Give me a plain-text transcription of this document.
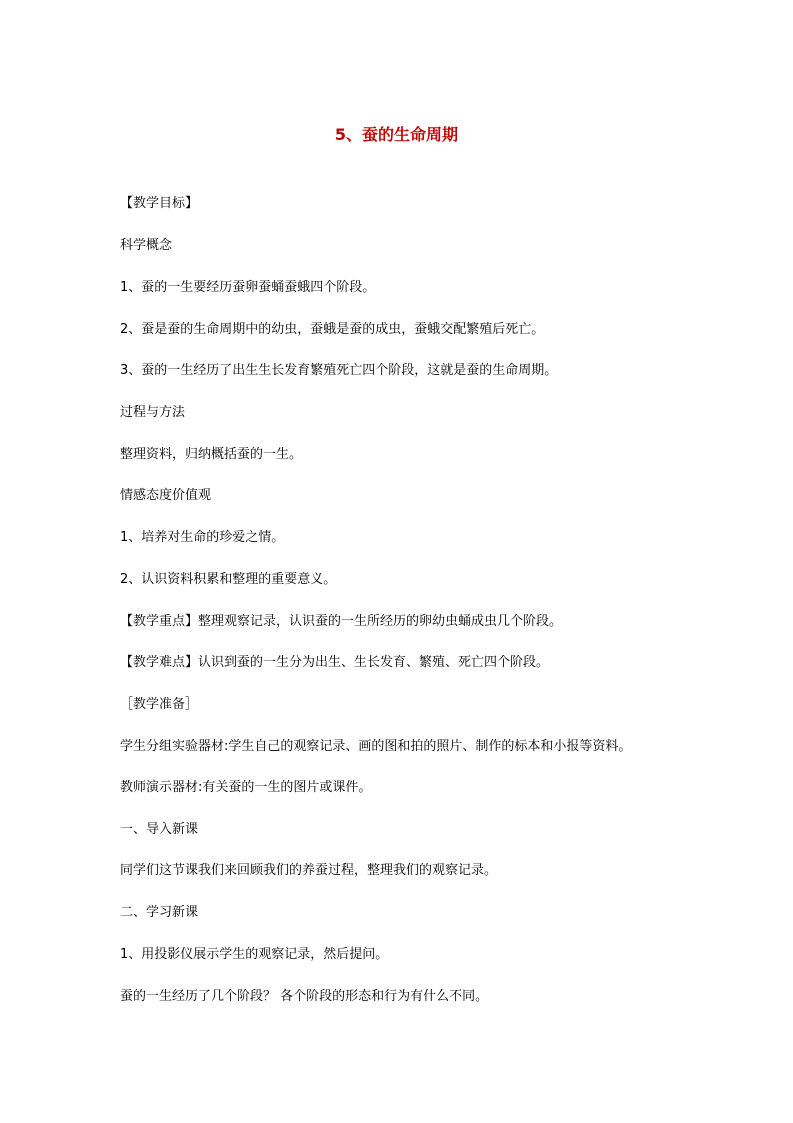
5、蚕的生命周期
【教学目标】
科学概念
1、蚕的一生要经历蚕卵蚕蛹蚕蛾四个阶段。
2、蚕是蚕的生命周期中的幼虫，蚕蛾是蚕的成虫，蚕蛾交配繁殖后死亡。
3、蚕的一生经历了出生生长发育繁殖死亡四个阶段，这就是蚕的生命周期。
过程与方法
整理资料，归纳概括蚕的一生。
情感态度价值观
1、培养对生命的珍爱之情。
2、认识资料积累和整理的重要意义。
【教学重点】整理观察记录，认识蚕的一生所经历的卵幼虫蛹成虫几个阶段。
【教学难点】认识到蚕的一生分为出生、生长发育、繁殖、死亡四个阶段。
［教学准备］
学生分组实验器材:学生自己的观察记录、画的图和拍的照片、制作的标本和小报等资料。
教师演示器材:有关蚕的一生的图片或课件。
一、导入新课
同学们这节课我们来回顾我们的养蚕过程，整理我们的观察记录。
二、学习新课
1、用投影仪展示学生的观察记录，然后提问。
蚕的一生经历了几个阶段？ 各个阶段的形态和行为有什么不同。
